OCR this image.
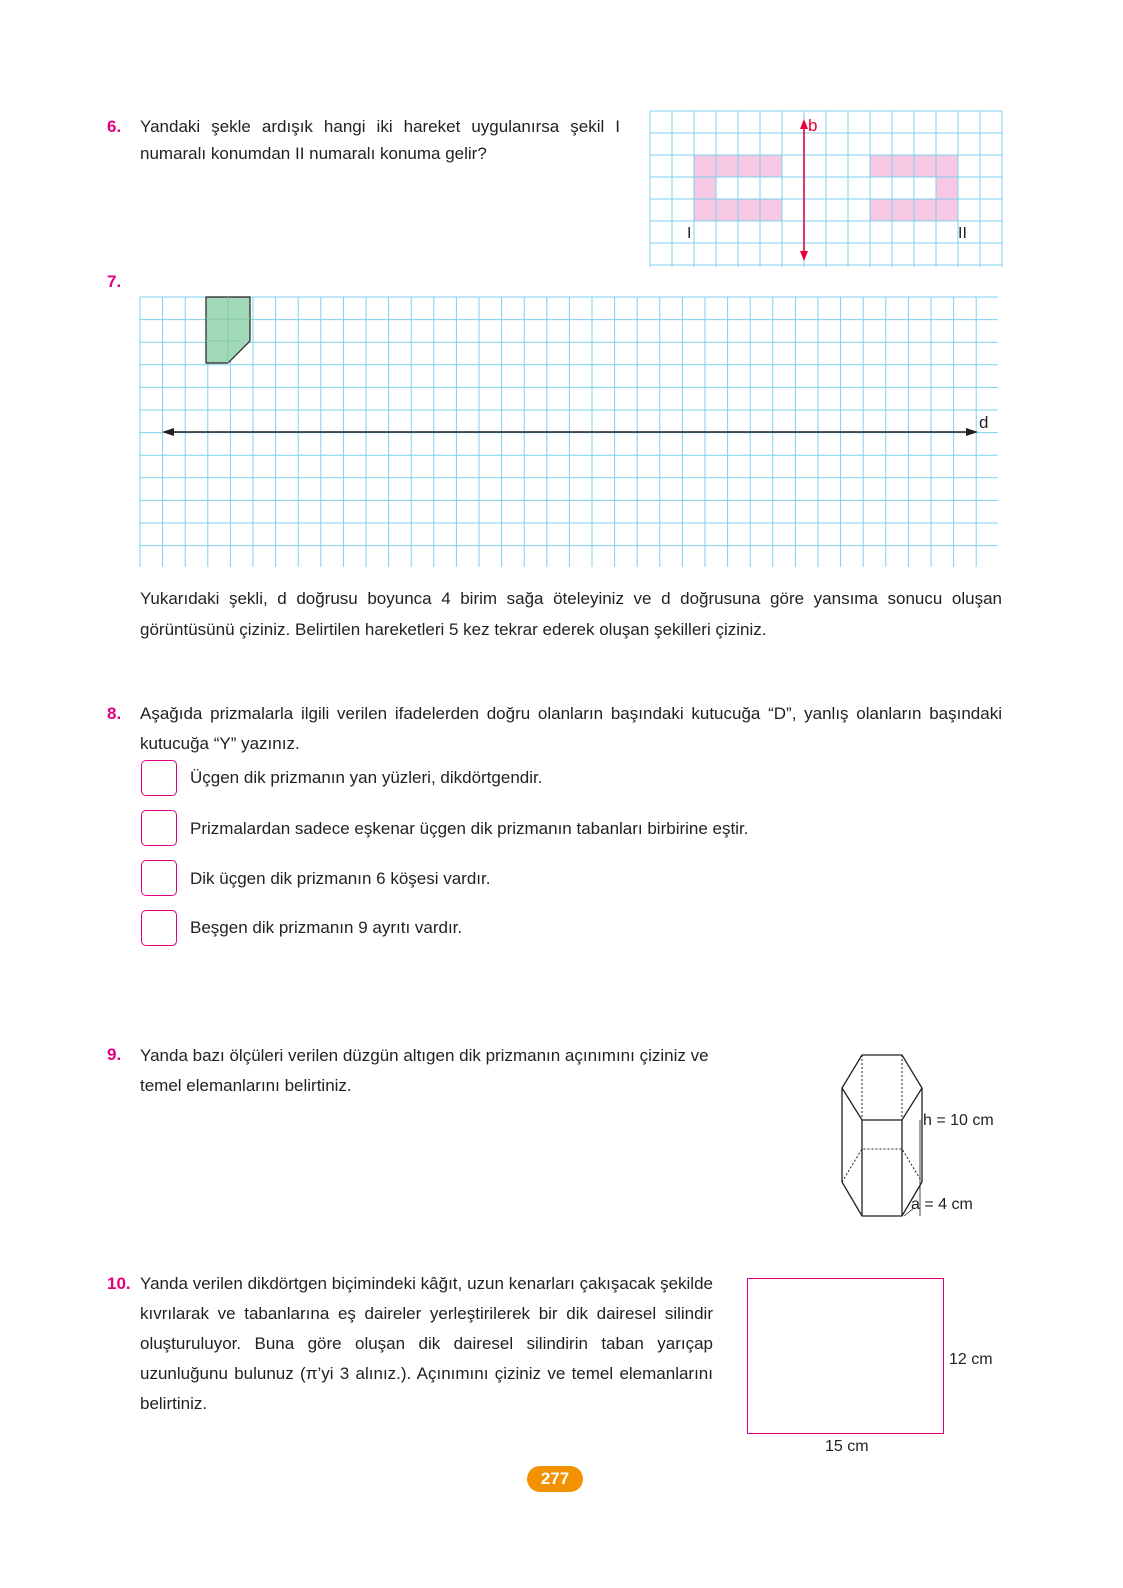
6. Yandaki şekle ardışık hangi iki hareket uygulanırsa şekil I numaralı konumdan II numaralı konuma gelir?
b
I	II
7.
d
Yukarıdaki şekli, d doğrusu boyunca 4 birim sağa öteleyiniz ve d doğrusuna göre yansıma sonucu oluşan görüntüsünü çiziniz. Belirtilen hareketleri 5 kez tekrar ederek oluşan şekilleri çiziniz.
8. Aşağıda prizmalarla ilgili verilen ifadelerden doğru olanların başındaki kutucuğa “D”, yanlış olanların başındaki kutucuğa “Y” yazınız.
Üçgen dik prizmanın yan yüzleri, dikdörtgendir.
Prizmalardan sadece eşkenar üçgen dik prizmanın tabanları birbirine eştir.
Dik üçgen dik prizmanın 6 köşesi vardır.
Beşgen dik prizmanın 9 ayrıtı vardır.
9. Yanda bazı ölçüleri verilen düzgün altıgen dik prizmanın açınımını çiziniz ve temel elemanlarını belirtiniz.
h = 10 cm
a = 4 cm
10. Yanda verilen dikdörtgen biçimindeki kâğıt, uzun kenarları çakışacak şekilde kıvrılarak ve tabanlarına eş daireler yerleştirilerek bir dik dairesel silindir oluşturuluyor. Buna göre oluşan dik dairesel silindirin taban yarıçap uzunluğunu bulunuz (π’yi 3 alınız.). Açınımını çiziniz ve temel elemanlarını belirtiniz.
12 cm
15 cm
277
